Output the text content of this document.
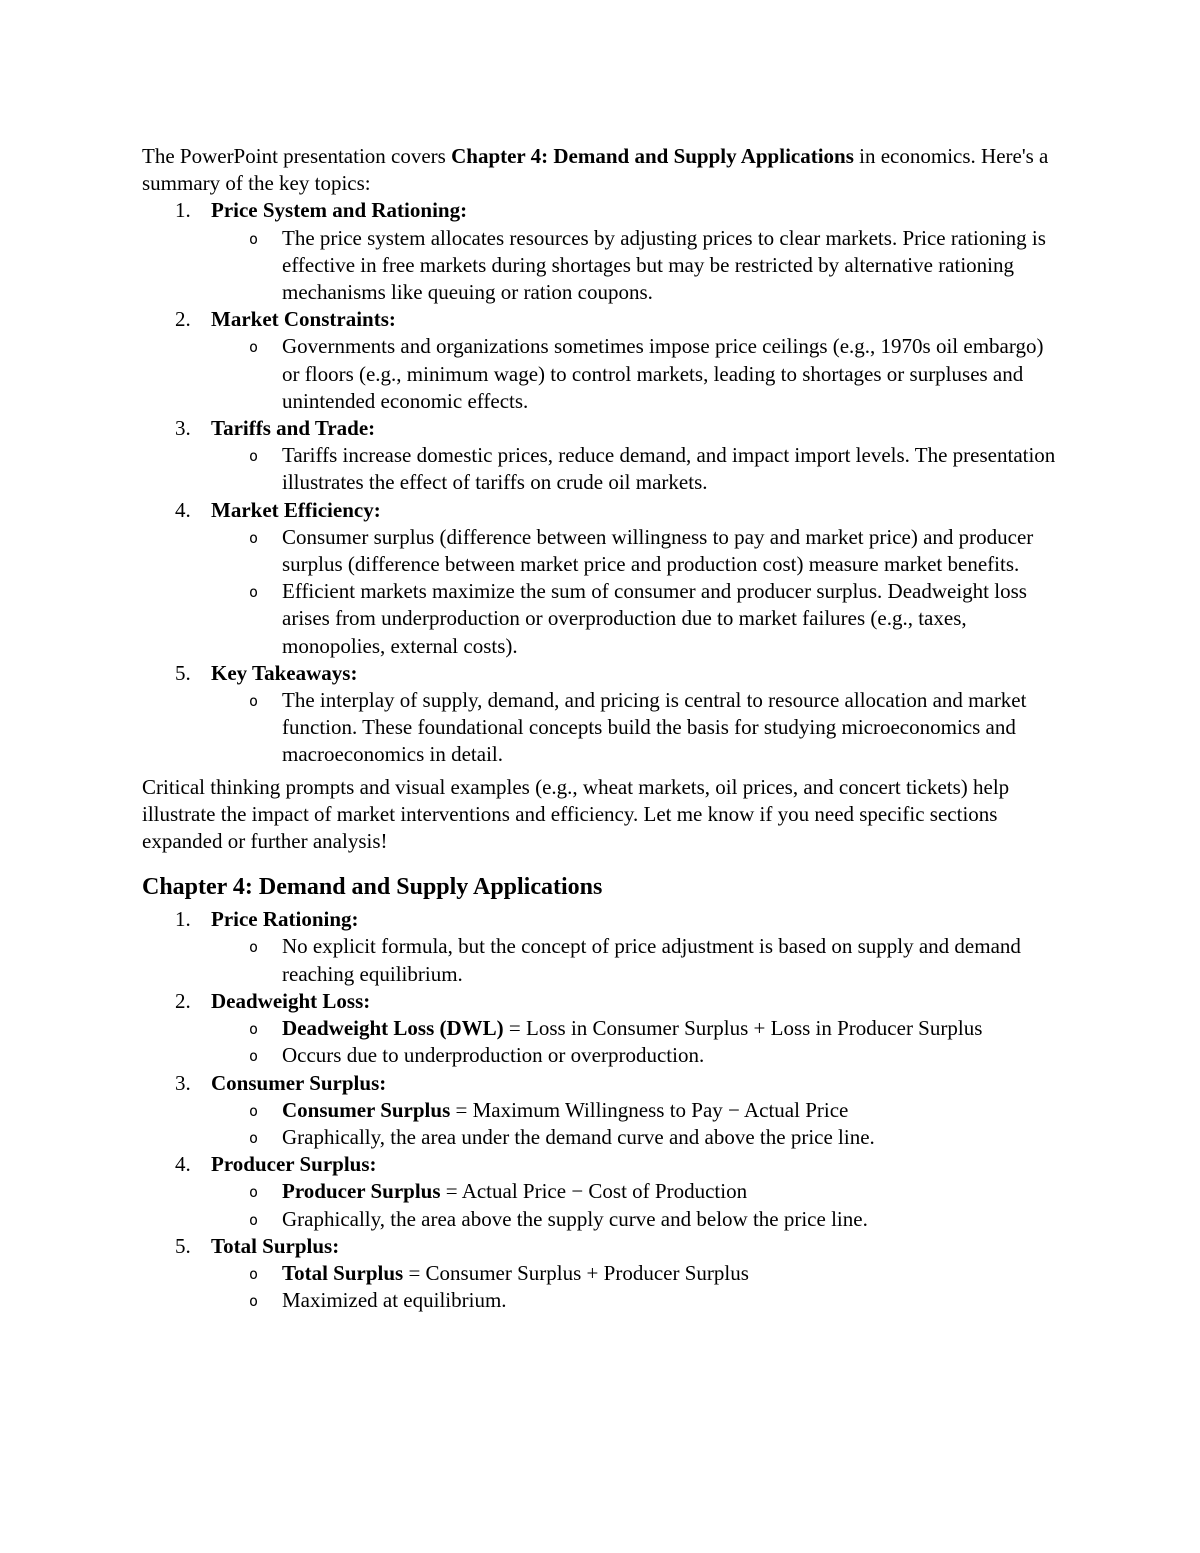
The PowerPoint presentation covers Chapter 4: Demand and Supply Applications in economics. Here's a summary of the key topics:

1. Price System and Rationing:
o The price system allocates resources by adjusting prices to clear markets. Price rationing is effective in free markets during shortages but may be restricted by alternative rationing mechanisms like queuing or ration coupons.
2. Market Constraints:
o Governments and organizations sometimes impose price ceilings (e.g., 1970s oil embargo) or floors (e.g., minimum wage) to control markets, leading to shortages or surpluses and unintended economic effects.
3. Tariffs and Trade:
o Tariffs increase domestic prices, reduce demand, and impact import levels. The presentation illustrates the effect of tariffs on crude oil markets.
4. Market Efficiency:
o Consumer surplus (difference between willingness to pay and market price) and producer surplus (difference between market price and production cost) measure market benefits.
o Efficient markets maximize the sum of consumer and producer surplus. Deadweight loss arises from underproduction or overproduction due to market failures (e.g., taxes, monopolies, external costs).
5. Key Takeaways:
o The interplay of supply, demand, and pricing is central to resource allocation and market function. These foundational concepts build the basis for studying microeconomics and macroeconomics in detail.

Critical thinking prompts and visual examples (e.g., wheat markets, oil prices, and concert tickets) help illustrate the impact of market interventions and efficiency. Let me know if you need specific sections expanded or further analysis!

Chapter 4: Demand and Supply Applications
1. Price Rationing:
o No explicit formula, but the concept of price adjustment is based on supply and demand reaching equilibrium.
2. Deadweight Loss:
o Deadweight Loss (DWL) = Loss in Consumer Surplus + Loss in Producer Surplus
o Occurs due to underproduction or overproduction.
3. Consumer Surplus:
o Consumer Surplus = Maximum Willingness to Pay − Actual Price
o Graphically, the area under the demand curve and above the price line.
4. Producer Surplus:
o Producer Surplus = Actual Price − Cost of Production
o Graphically, the area above the supply curve and below the price line.
5. Total Surplus:
o Total Surplus = Consumer Surplus + Producer Surplus
o Maximized at equilibrium.
